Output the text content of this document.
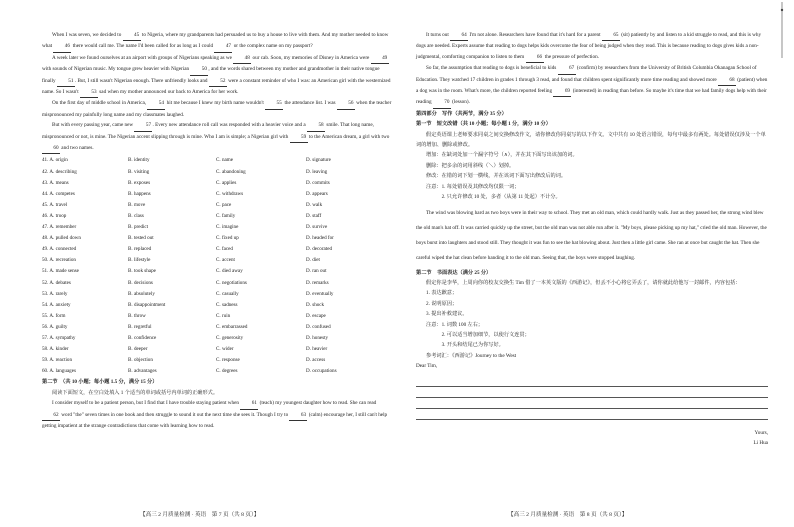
When I was seven, we decided to 45 to Nigeria, where my grandparents had persuaded us to buy a house to live with them. And my mother needed to know what 46 there would call me. The name I'd been called for as long as I could 47 or the complex name on my passport?

A week later we found ourselves at an airport with groups of Nigerians speaking as we 48 our cab. Soon, my memories of Disney in America were 49 with sounds of Nigerian music. My tongue grew heavier with Nigerian 50, and the words shared between my mother and grandmother in their native tongue finally 51. But, I still wasn't Nigerian enough. There unfriendly looks and 52 were a constant reminder of who I was: an American girl with the westernized name. So I wasn't 53 sad when my mother announced our back to America for her work.

On the first day of middle school in America, 54 hit me because I knew my birth name wouldn't 55 the attendance list. I was 56 when the teacher mispronounced my painfully long name and my classmates laughed.

But with every passing year, came new 57. Every new attendance roll call was responded with a heavier voice and a 58 smile. That long name, mispronounced or not, is mine. The Nigerian accent slipping through is mine. Who I am is simple; a Nigerian girl with 59 to the American dream, a girl with two 60 and two names.

41. A. origin	B. identity	C. name	D. signature
42. A. describing	B. visiting	C. abandoning	D. leaving
43. A. means	B. exposes	C. applies	D. commits
44. A. competes	B. happens	C. withdraws	D. appears
45. A. travel	B. move	C. pace	D. walk
46. A. troop	B. class	C. family	D. staff
47. A. remember	B. predict	C. imagine	D. survive
48. A. pulled down	B. tested out	C. fixed up	D. headed for
49. A. connected	B. replaced	C. faced	D. decorated
50. A. recreation	B. lifestyle	C. accent	D. diet
51. A. made sense	B. took shape	C. died away	D. ran out
52. A. debates	B. decisions	C. negotiations	D. remarks
53. A. rarely	B. absolutely	C. casually	D. eventually
54. A. anxiety	B. disappointment	C. sadness	D. shock
55. A. form	B. throw	C. ruin	D. escape
56. A. guilty	B. regretful	C. embarrassed	D. confused
57. A. sympathy	B. confidence	C. generosity	D. honesty
58. A. kinder	B. deeper	C. wider	D. heavier
59. A. reaction	B. objection	C. response	D. access
60. A. languages	B. advantages	C. degrees	D. occupations

第二节　（共 10 小题；每小题 1.5 分，满分 15 分）

阅读下面短文，在空白处填入 1 个适当的单词或括号内单词的正确形式。

I consider myself to be a patient person, but I find that I have trouble staying patient when 61 (teach) my youngest daughter how to read. She can read 62 word "the" seven times in one book and then struggle to sound it out the next time she sees it. Though I try to 63 (calm) encourage her, I still can't help getting impatient at the strange contradictions that come with learning how to read.

【高三 2 月质量检测 · 英语　第 7 页（共 8 页）】

It turns out 64 I'm not alone. Researchers have found that it's hard for a parent 65 (sit) patiently by and listen to a kid struggle to read, and this is why dogs are needed. Experts assume that reading to dogs helps kids overcome the fear of being judged when they read. This is because reading to dogs gives kids a non-judgmental, comforting companion to listen to them 66 the pressure of perfection.

So far, the assumption that reading to dogs is beneficial to kids 67 (confirm) by researchers from the University of British Columbia Okanagan School of Education. They watched 17 children in grades 1 through 3 read, and found that children spent significantly more time reading and showed more 68 (patient) when a dog was in the room. What's more, the children reported feeling 69 (interested) in reading than before. So maybe it's time that we had family dogs help with their reading 70 (lesson).

第四部分　写作（共两节，满分 35 分）

第一节　短文改错（共 10 小题；每小题 1 分，满分 10 分）

假定英语课上老师要求同桌之间交换修改作文，请你修改你同桌写的以下作文。文中共有 10 处语言错误，每句中最多有两处。每处错误仅涉及一个单词的增加、删除或修改。

增加：在缺词处加一个漏字符号（∧），并在其下面写出该加的词。

删除：把多余的词用斜线（＼）划掉。

修改：在错的词下划一横线，并在该词下面写出修改后的词。

注意：1. 每处错误及其修改均仅限一词；

　　　2. 只允许修改 10 处，多者（从第 11 处起）不计分。

The wind was blowing hard as two boys were in their way to school. They met an old man, which could hardly walk. Just as they passed her, the strong wind blew the old man's hat off. It was carried quickly up the street, but the old man was not able run after it. "My boys, please picking up my hat," cried the old man. However, the boys burst into laughters and stood still. They thought it was fun to see the hat blowing about. Just then a little girl came. She ran at once but caught the hat. Then she careful wiped the hat clean before handing it to the old man. Seeing that, the boys were stopped laughing.

第二节　书面表达（满分 25 分）

假定你是李华，上周向你的校友交换生 Tim 借了一本英文版的《西游记》，但丢不小心将它弄丢了，请你就此给他写一封邮件，内容包括：

1. 表达歉意；

2. 说明原因；

3. 提出补救建议。

注意：1. 词数 100 左右；

　　　2. 可以适当增加细节，以使行文连贯；

　　　3. 开头和结尾已为你写好。

参考词汇：《西游记》Journey to the West

Dear Tim,

Yours,

Li Hua

【高三 2 月质量检测 · 英语　第 8 页（共 8 页）】
